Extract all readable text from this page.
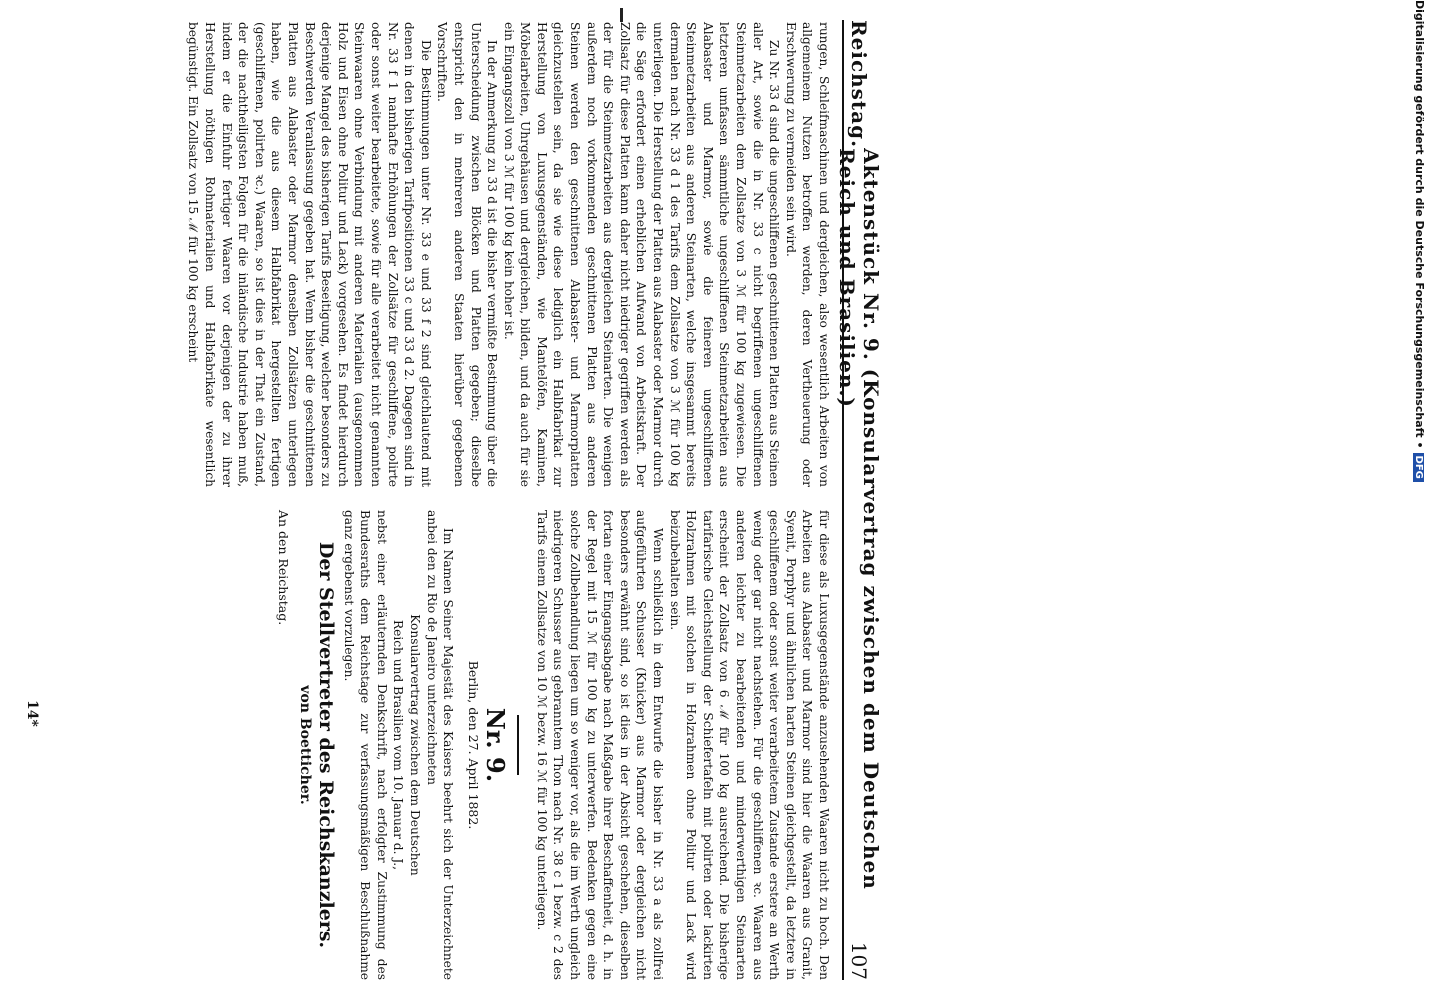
Reichstag.
Aktenstück Nr. 9. (Konsularvertrag zwischen dem Deutschen Reich und Brasilien.)
107

rungen, Schleifmaschinen und dergleichen, also wesentlich Arbeiten von allgemeinem Nutzen betroffen werden, deren Vertheuerung oder Erschwerung zu vermeiden sein wird.

Zu Nr. 33 d sind die ungeschliffenen geschnittenen Platten aus Steinen aller Art, sowie die in Nr. 33 c nicht begriffenen ungeschliffenen Steinmetzarbeiten dem Zollsatze von 3 ℳ für 100 kg zugewiesen. Die letzteren umfassen sämmtliche ungeschliffenen Steinmetzarbeiten aus Alabaster und Marmor, sowie die feineren ungeschliffenen Steinmetzarbeiten aus anderen Steinarten, welche insgesammt bereits dermalen nach Nr. 33 d 1 des Tarifs dem Zollsatze von 3 ℳ für 100 kg unterliegen. Die Herstellung der Platten aus Alabaster oder Marmor durch die Säge erfordert einen erheblichen Aufwand von Arbeitskraft. Der Zollsatz für diese Platten kann daher nicht niedriger gegriffen werden als der für die Steinmetzarbeiten aus dergleichen Steinarten. Die wenigen außerdem noch vorkommenden geschnittenen Platten aus anderen Steinen werden den geschnittenen Alabaster- und Marmorplatten gleichzustellen sein, da sie wie diese lediglich ein Halbfabrikat zur Herstellung von Luxusgegenständen, wie Mantelöfen, Kaminen, Möbelarbeiten, Uhrgehäusen und dergleichen, bilden, und da auch für sie ein Eingangszoll von 3 ℳ für 100 kg kein hoher ist.

In der Anmerkung zu 33 d ist die bisher vermißte Bestimmung über die Unterscheidung zwischen Blöcken und Platten gegeben; dieselbe entspricht den in mehreren anderen Staaten hierüber gegebenen Vorschriften.

Die Bestimmungen unter Nr. 33 e und 33 f 2 sind gleichlautend mit denen in den bisherigen Tarifpositionen 33 c und 33 d 2. Dagegen sind in Nr. 33 f 1 namhafte Erhöhungen der Zollsätze für geschliffene, polirte oder sonst weiter bearbeitete, sowie für alle verarbeitet nicht genannten Steinwaaren ohne Verbindung mit anderen Materialien (ausgenommen Holz und Eisen ohne Politur und Lack) vorgesehen. Es findet hierdurch derjenige Mangel des bisherigen Tarifs Beseitigung, welcher besonders zu Beschwerden Veranlassung gegeben hat. Wenn bisher die geschnittenen Platten aus Alabaster oder Marmor denselben Zollsätzen unterlegen haben, wie die aus diesem Halbfabrikat hergestellten fertigen (geschliffenen, polirten ꝛc.) Waaren, so ist dies in der That ein Zustand, der die nachtheiligsten Folgen für die inländische Industrie haben muß, indem er die Einfuhr fertiger Waaren vor derjenigen der zu ihrer Herstellung nöthigen Rohmaterialien und Halbfabrikate wesentlich begünstigt. Ein Zollsatz von 15 ℳ für 100 kg erscheint

für diese als Luxusgegenstände anzusehenden Waaren nicht zu hoch. Den Arbeiten aus Alabaster und Marmor sind hier die Waaren aus Granit, Syenit, Porphyr und ähnlichen harten Steinen gleichgestellt, da letztere in geschliffenem oder sonst weiter verarbeitetem Zustande erstere an Werth wenig oder gar nicht nachstehen. Für die geschliffenen ꝛc. Waaren aus anderen leichter zu bearbeitenden und minderwerthigen Steinarten erscheint der Zollsatz von 6 ℳ für 100 kg ausreichend. Die bisherige tarifarische Gleichstellung der Schiefertafeln mit polirten oder lackirten Holzrahmen mit solchen in Holzrahmen ohne Politur und Lack wird beizubehalten sein.

Wenn schließlich in dem Entwurfe die bisher in Nr. 33 a als zollfrei aufgeführten Schusser (Knicker) aus Marmor oder dergleichen nicht besonders erwähnt sind, so ist dies in der Absicht geschehen, dieselben fortan einer Eingangsabgabe nach Maßgabe ihrer Beschaffenheit, d. h. in der Regel mit 15 ℳ für 100 kg zu unterwerfen. Bedenken gegen eine solche Zollbehandlung liegen um so weniger vor, als die im Werth ungleich niedrigeren Schusser aus gebranntem Thon nach Nr. 38 c 1 bezw. c 2 des Tarifs einem Zollsatze von 10 ℳ bezw. 16 ℳ für 100 kg unterliegen.

Nr. 9.
Berlin, den 27. April 1882.

Im Namen Seiner Majestät des Kaisers beehrt sich der Unterzeichnete anbei den zu Rio de Janeiro unterzeichneten

Konsularvertrag zwischen dem Deutschen
Reich und Brasilien vom 10. Januar d. J.,

nebst einer erläuternden Denkschrift, nach erfolgter Zustimmung des Bundesraths dem Reichstage zur verfassungsmäßigen Beschlußnahme ganz ergebenst vorzulegen.

Der Stellvertreter des Reichskanzlers.
von Boetticher.
An den Reichstag.
14*
Digitalisierung gefördert durch die Deutsche Forschungsgemeinschaft •DFG
